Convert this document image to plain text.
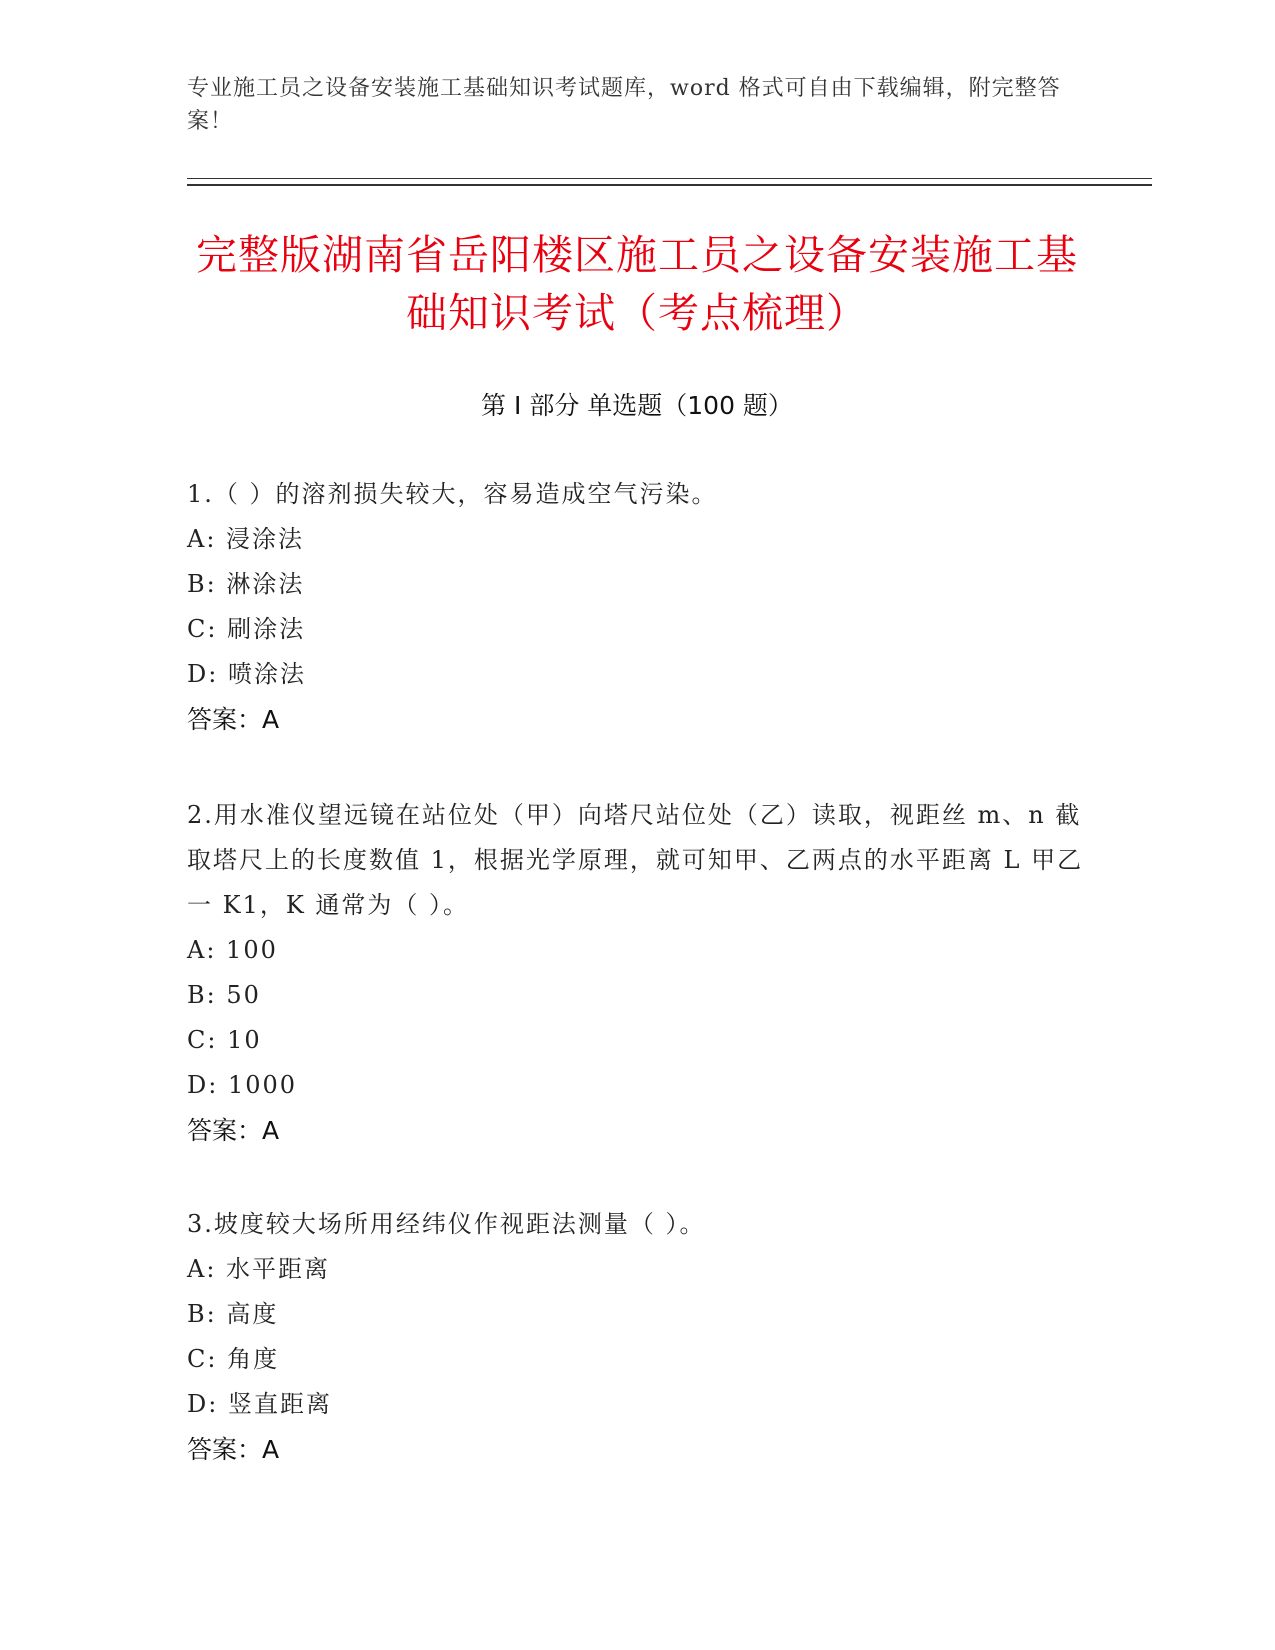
专业施工员之设备安装施工基础知识考试题库，word 格式可自由下载编辑，附完整答案！
完整版湖南省岳阳楼区施工员之设备安装施工基础知识考试（考点梳理）
第 I 部分 单选题（100 题）

1.（ ）的溶剂损失较大，容易造成空气污染。

A: 浸涂法

B: 淋涂法

C: 刷涂法

D: 喷涂法

答案：A

2.用水准仪望远镜在站位处（甲）向塔尺站位处（乙）读取，视距丝 m、n 截取塔尺上的长度数值 1，根据光学原理，就可知甲、乙两点的水平距离 L 甲乙一 K1，K 通常为（ ）。

A: 100

B: 50

C: 10

D: 1000

答案：A

3.坡度较大场所用经纬仪作视距法测量（ ）。

A: 水平距离

B: 高度

C: 角度

D: 竖直距离

答案：A
